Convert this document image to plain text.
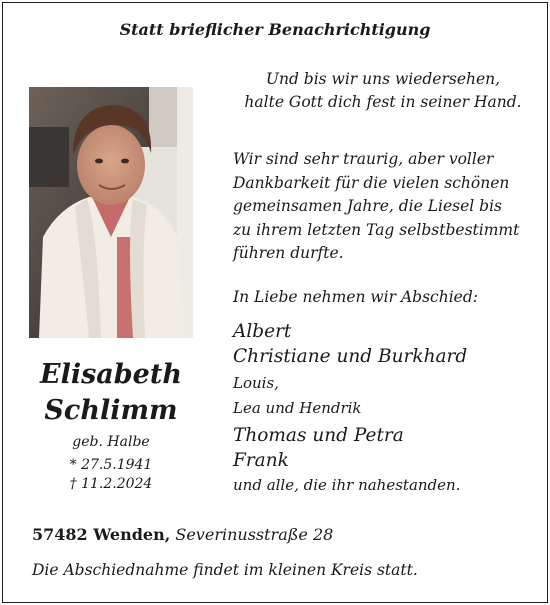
Statt brieflicher Benachrichtigung
Und bis wir uns wiedersehen,
halte Gott dich fest in seiner Hand.
Wir sind sehr traurig, aber voller
Dankbarkeit für die vielen schönen
gemeinsamen Jahre, die Liesel bis
zu ihrem letzten Tag selbstbestimmt
führen durfte.
In Liebe nehmen wir Abschied:
Elisabeth
Schlimm
geb. Halbe
* 27.5.1941
† 11.2.2024
Albert
Christiane und Burkhard
Louis,
Lea und Hendrik
Thomas und Petra
Frank
und alle, die ihr nahestanden.
57482 Wenden, Severinusstraße 28
Die Abschiednahme findet im kleinen Kreis statt.
